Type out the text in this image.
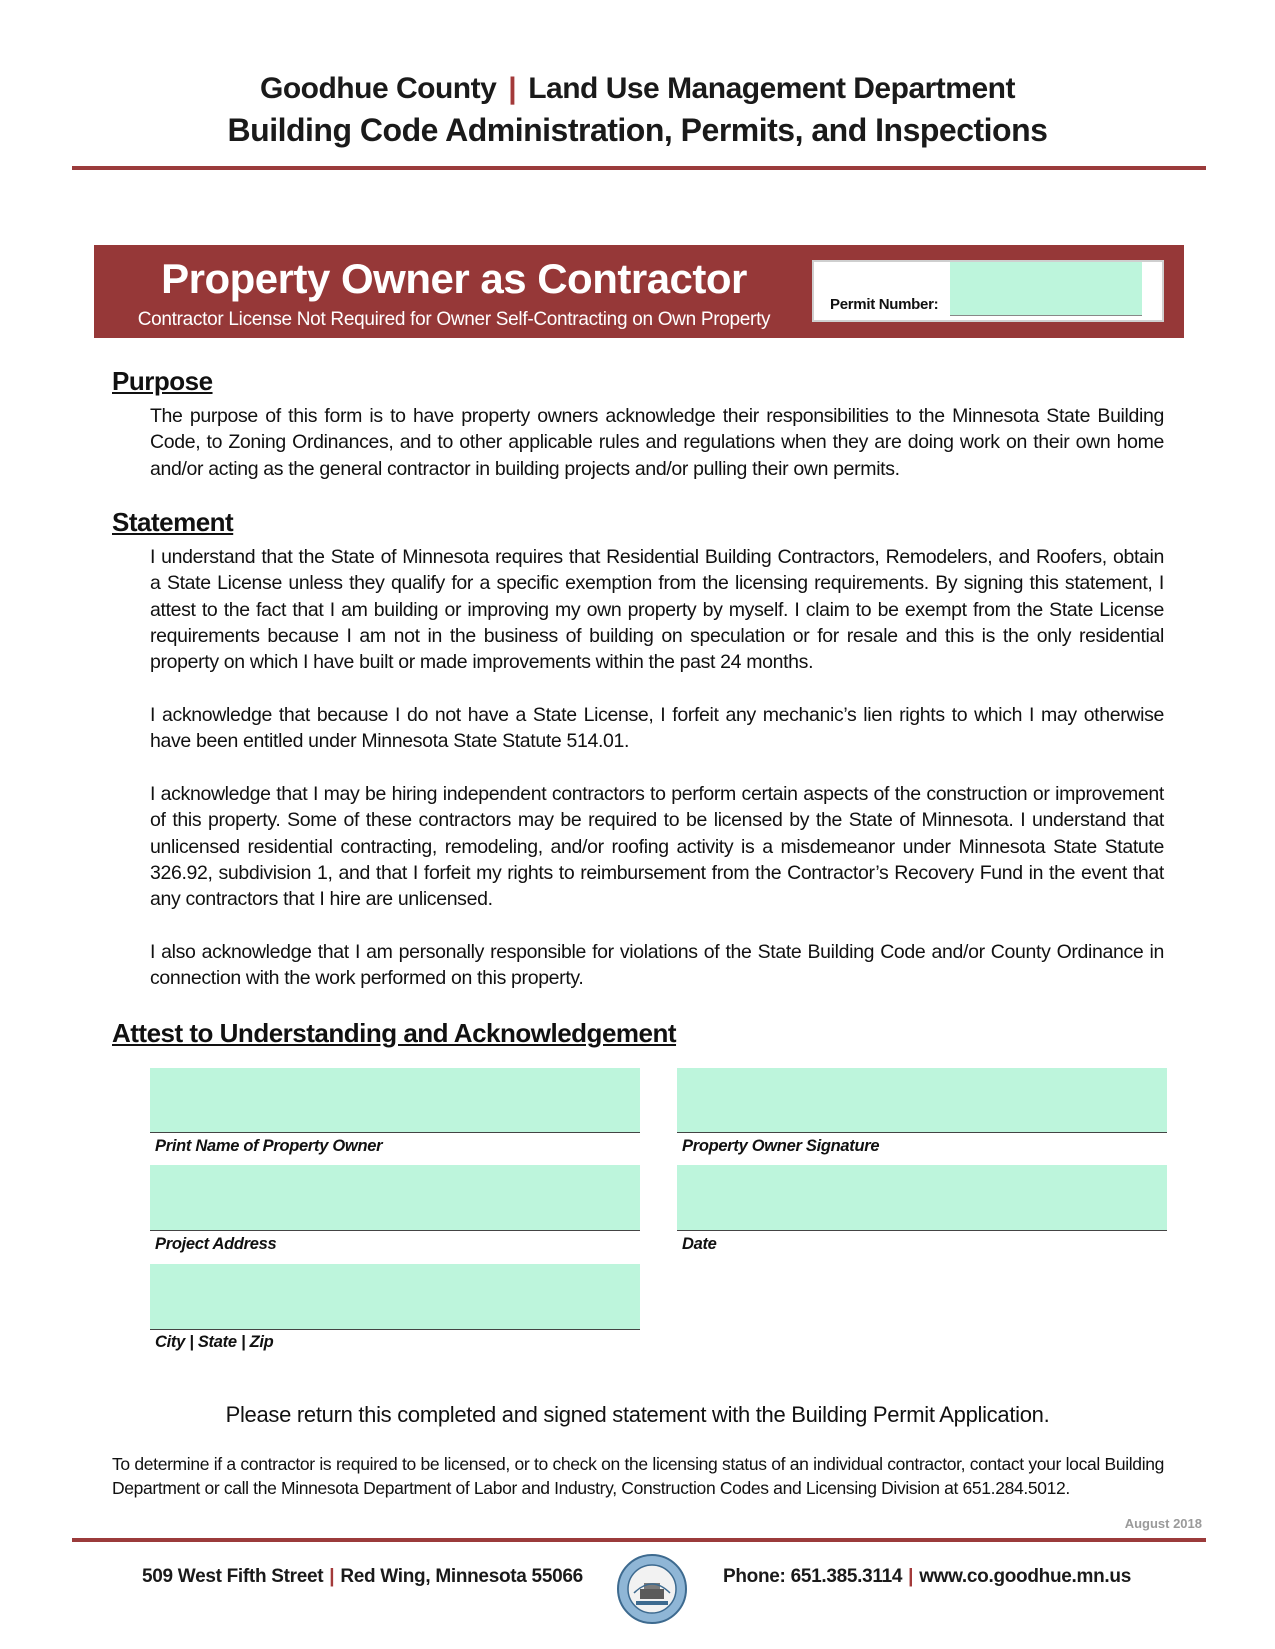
Goodhue County | Land Use Management Department
Building Code Administration, Permits, and Inspections
Property Owner as Contractor
Contractor License Not Required for Owner Self-Contracting on Own Property
Permit Number:
Purpose
The purpose of this form is to have property owners acknowledge their responsibilities to the Minnesota State Building Code, to Zoning Ordinances, and to other applicable rules and regulations when they are doing work on their own home and/or acting as the general contractor in building projects and/or pulling their own permits.
Statement
I understand that the State of Minnesota requires that Residential Building Contractors, Remodelers, and Roofers, obtain a State License unless they qualify for a specific exemption from the licensing requirements. By signing this statement, I attest to the fact that I am building or improving my own property by myself. I claim to be exempt from the State License requirements because I am not in the business of building on speculation or for resale and this is the only residential property on which I have built or made improvements within the past 24 months.
I acknowledge that because I do not have a State License, I forfeit any mechanic’s lien rights to which I may otherwise have been entitled under Minnesota State Statute 514.01.
I acknowledge that I may be hiring independent contractors to perform certain aspects of the construction or improvement of this property. Some of these contractors may be required to be licensed by the State of Minnesota. I understand that unlicensed residential contracting, remodeling, and/or roofing activity is a misdemeanor under Minnesota State Statute 326.92, subdivision 1, and that I forfeit my rights to reimbursement from the Contractor’s Recovery Fund in the event that any contractors that I hire are unlicensed.
I also acknowledge that I am personally responsible for violations of the State Building Code and/or County Ordinance in connection with the work performed on this property.
Attest to Understanding and Acknowledgement
Print Name of Property Owner	Property Owner Signature
Project Address	Date
City | State | Zip
Please return this completed and signed statement with the Building Permit Application.
To determine if a contractor is required to be licensed, or to check on the licensing status of an individual contractor, contact your local Building Department or call the Minnesota Department of Labor and Industry, Construction Codes and Licensing Division at 651.284.5012.
August 2018
509 West Fifth Street | Red Wing, Minnesota 55066	Phone: 651.385.3114 | www.co.goodhue.mn.us
